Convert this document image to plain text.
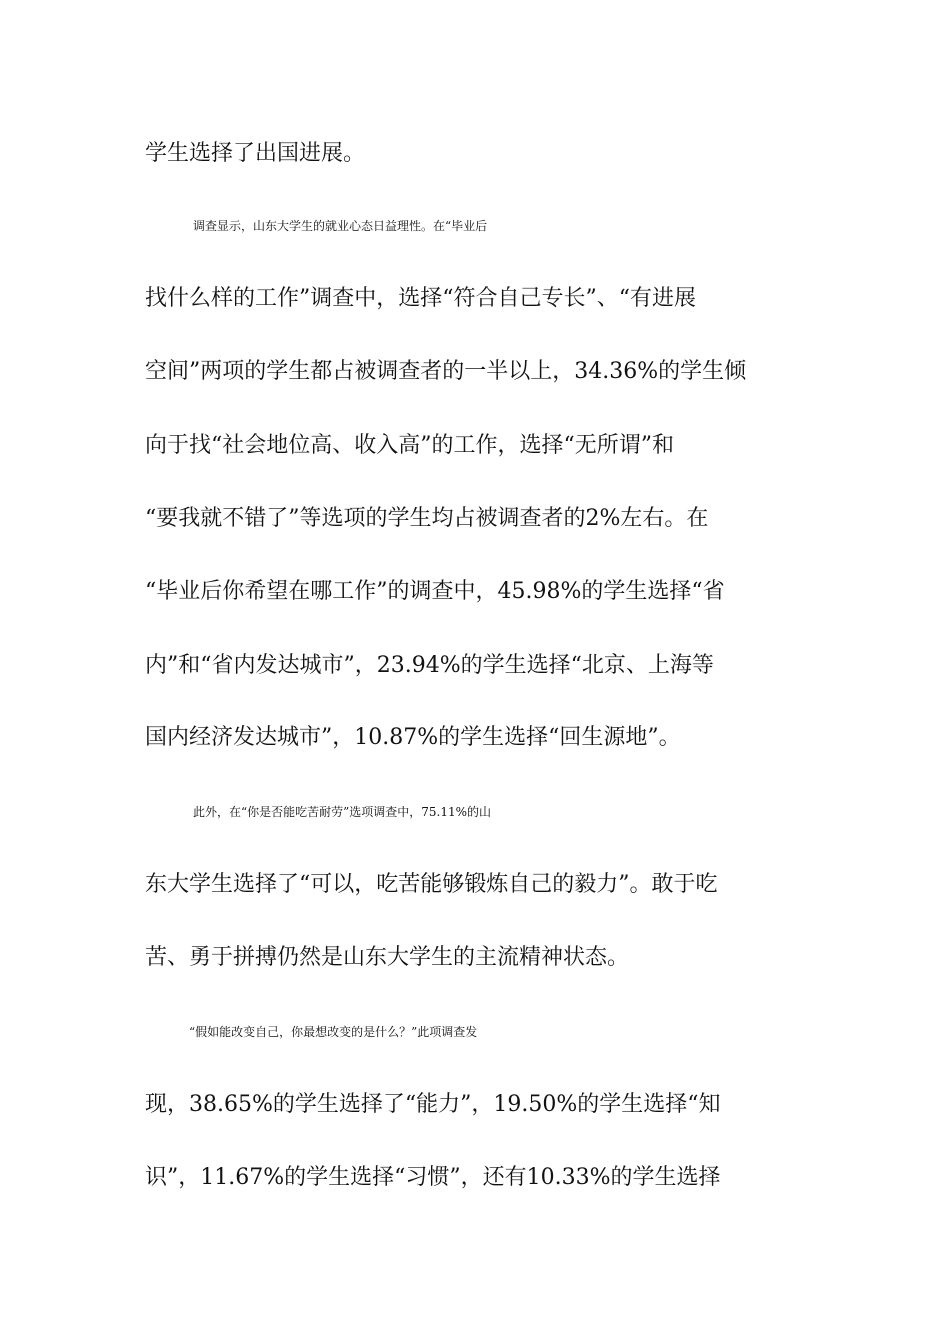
学生选择了出国进展。
调查显示，山东大学生的就业心态日益理性。在“毕业后
找什么样的工作”调查中，选择“符合自己专长”、“有进展
空间”两项的学生都占被调查者的一半以上，34.36%的学生倾
向于找“社会地位高、收入高”的工作，选择“无所谓”和
“要我就不错了”等选项的学生均占被调查者的2%左右。在
“毕业后你希望在哪工作”的调查中，45.98%的学生选择“省
内”和“省内发达城市”，23.94%的学生选择“北京、上海等
国内经济发达城市”，10.87%的学生选择“回生源地”。
此外，在“你是否能吃苦耐劳”选项调查中，75.11%的山
东大学生选择了“可以，吃苦能够锻炼自己的毅力”。敢于吃
苦、勇于拼搏仍然是山东大学生的主流精神状态。
“假如能改变自己，你最想改变的是什么？”此项调查发
现，38.65%的学生选择了“能力”，19.50%的学生选择“知
识”，11.67%的学生选择“习惯”，还有10.33%的学生选择
